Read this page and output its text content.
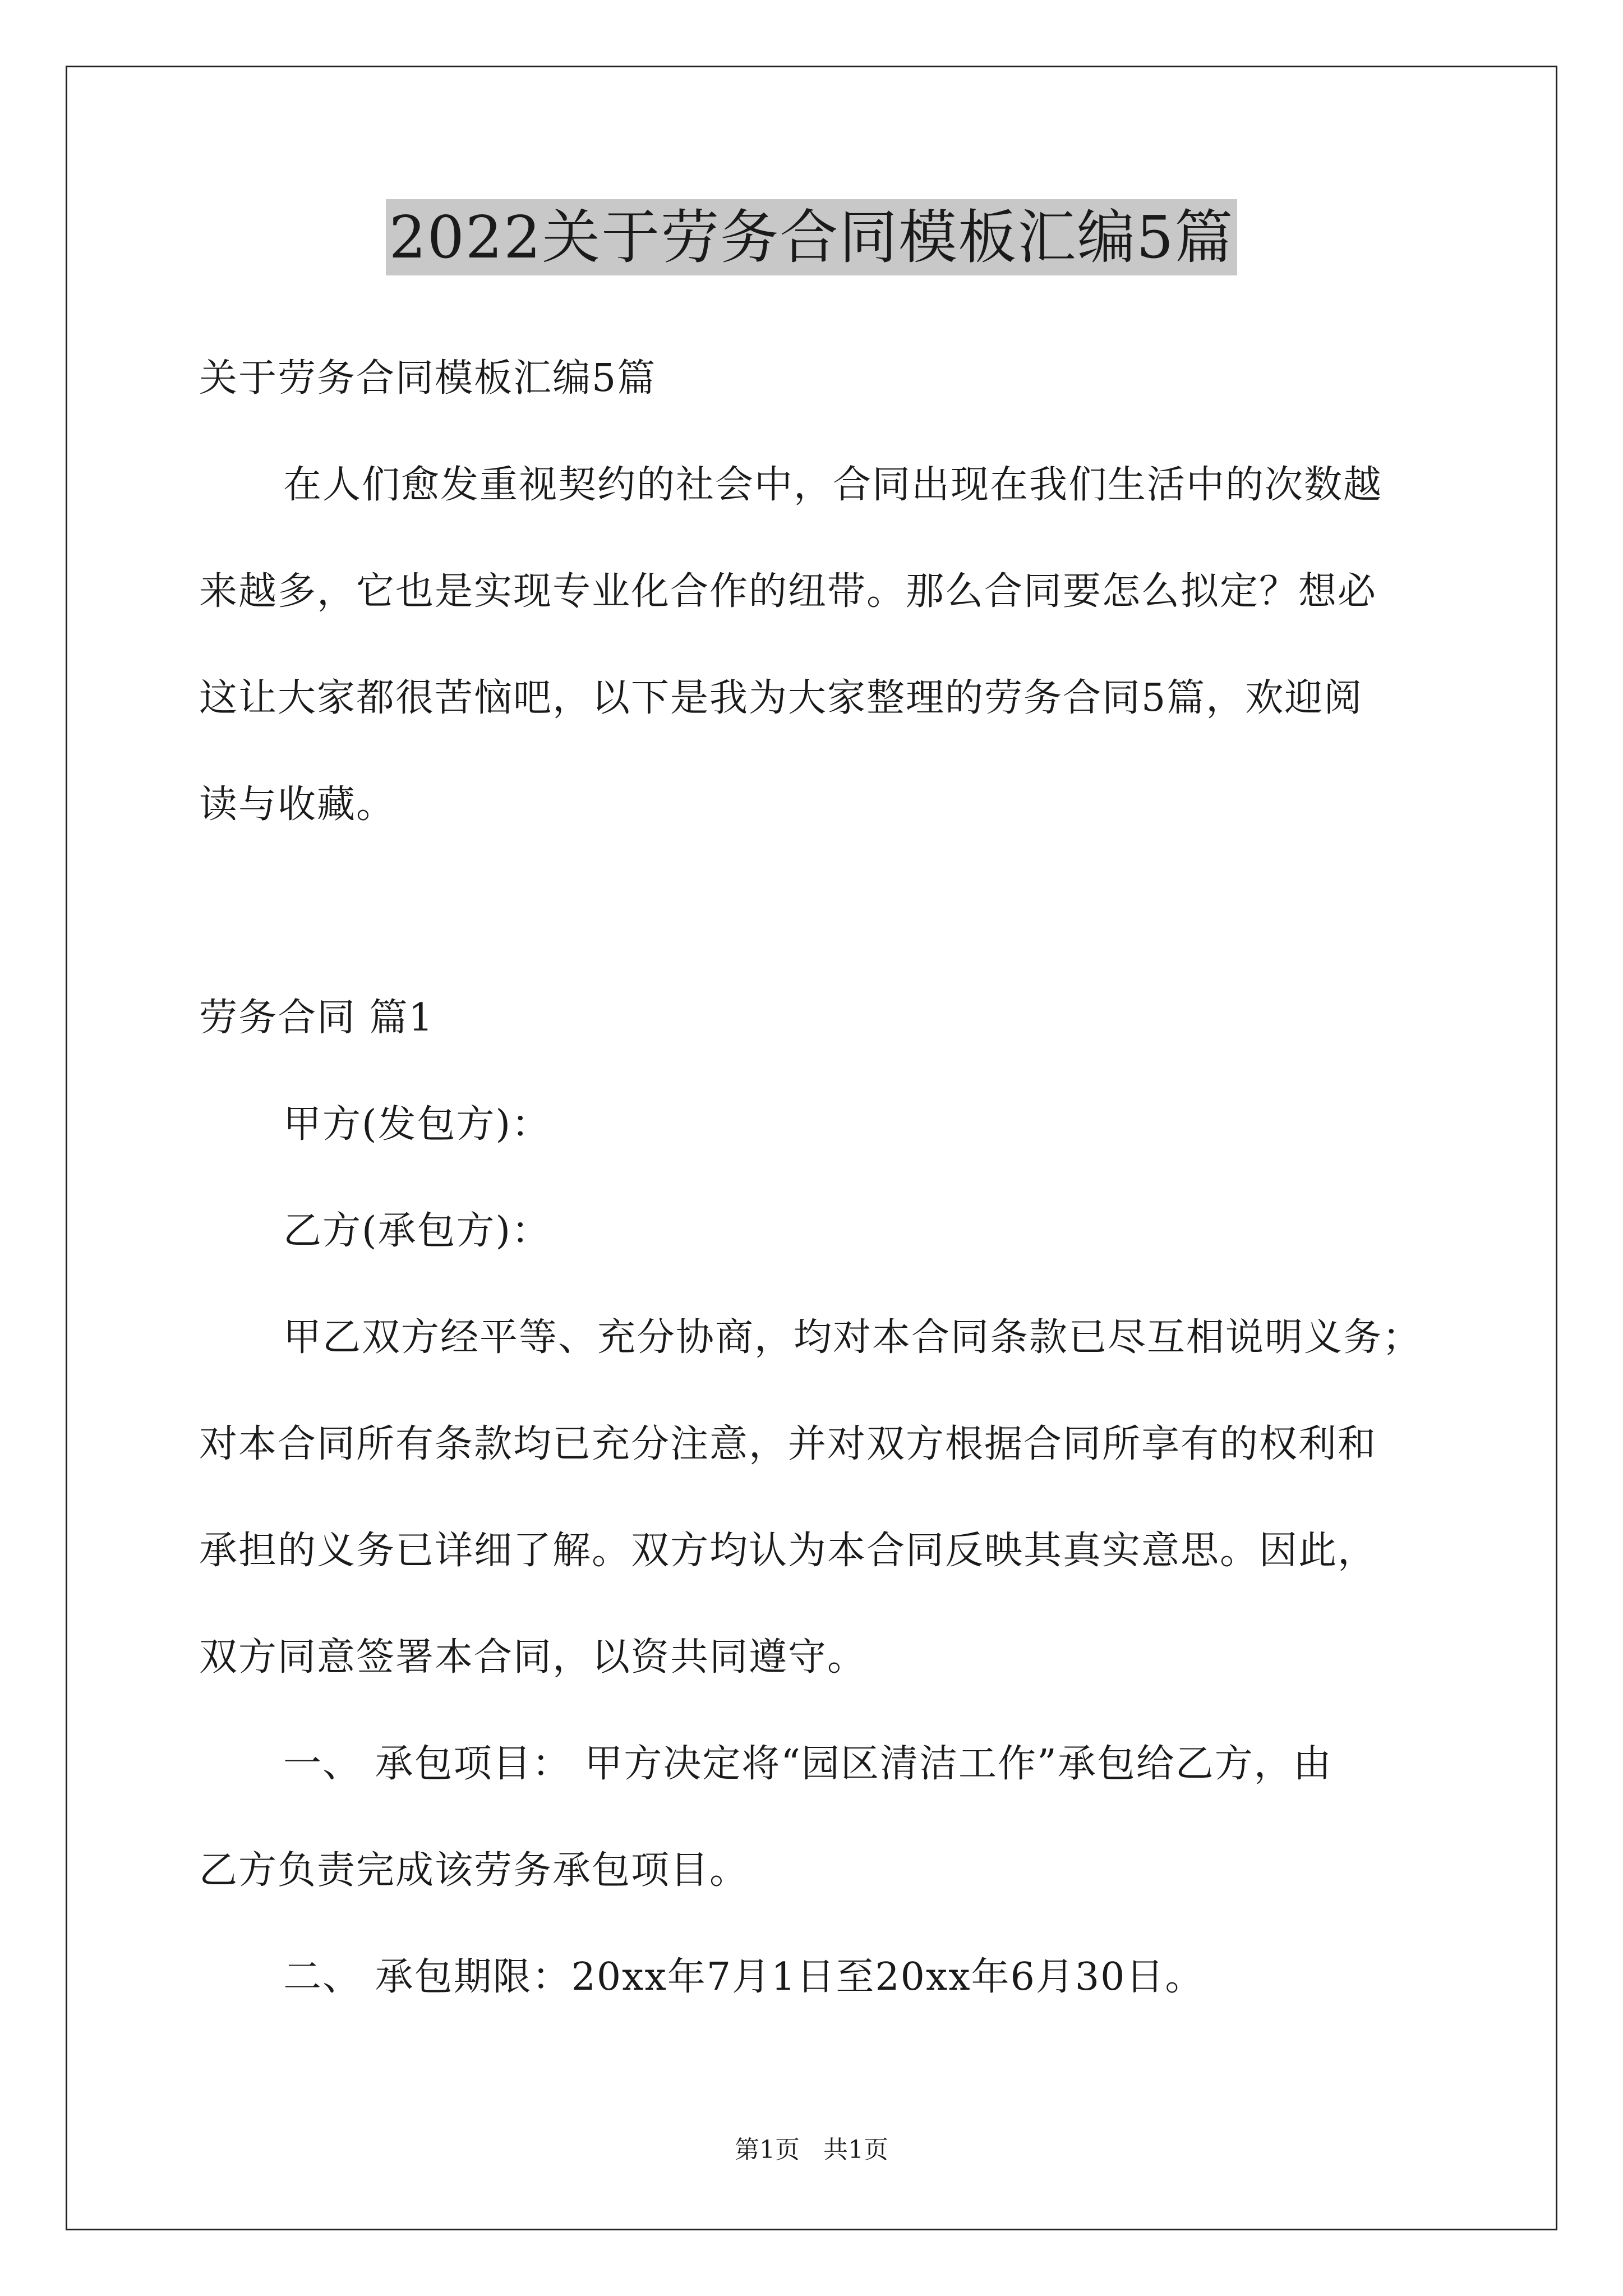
2022关于劳务合同模板汇编5篇
关于劳务合同模板汇编5篇
在人们愈发重视契约的社会中，合同出现在我们生活中的次数越
来越多，它也是实现专业化合作的纽带。那么合同要怎么拟定？想必
这让大家都很苦恼吧，以下是我为大家整理的劳务合同5篇，欢迎阅
读与收藏。
劳务合同 篇1
甲方(发包方)：
乙方(承包方)：
甲乙双方经平等、充分协商，均对本合同条款已尽互相说明义务；
对本合同所有条款均已充分注意，并对双方根据合同所享有的权利和
承担的义务已详细了解。双方均认为本合同反映其真实意思。因此，
双方同意签署本合同，以资共同遵守。
一、 承包项目： 甲方决定将“园区清洁工作”承包给乙方，由
乙方负责完成该劳务承包项目。
二、 承包期限：20xx年7月1日至20xx年6月30日。
第1页   共1页
